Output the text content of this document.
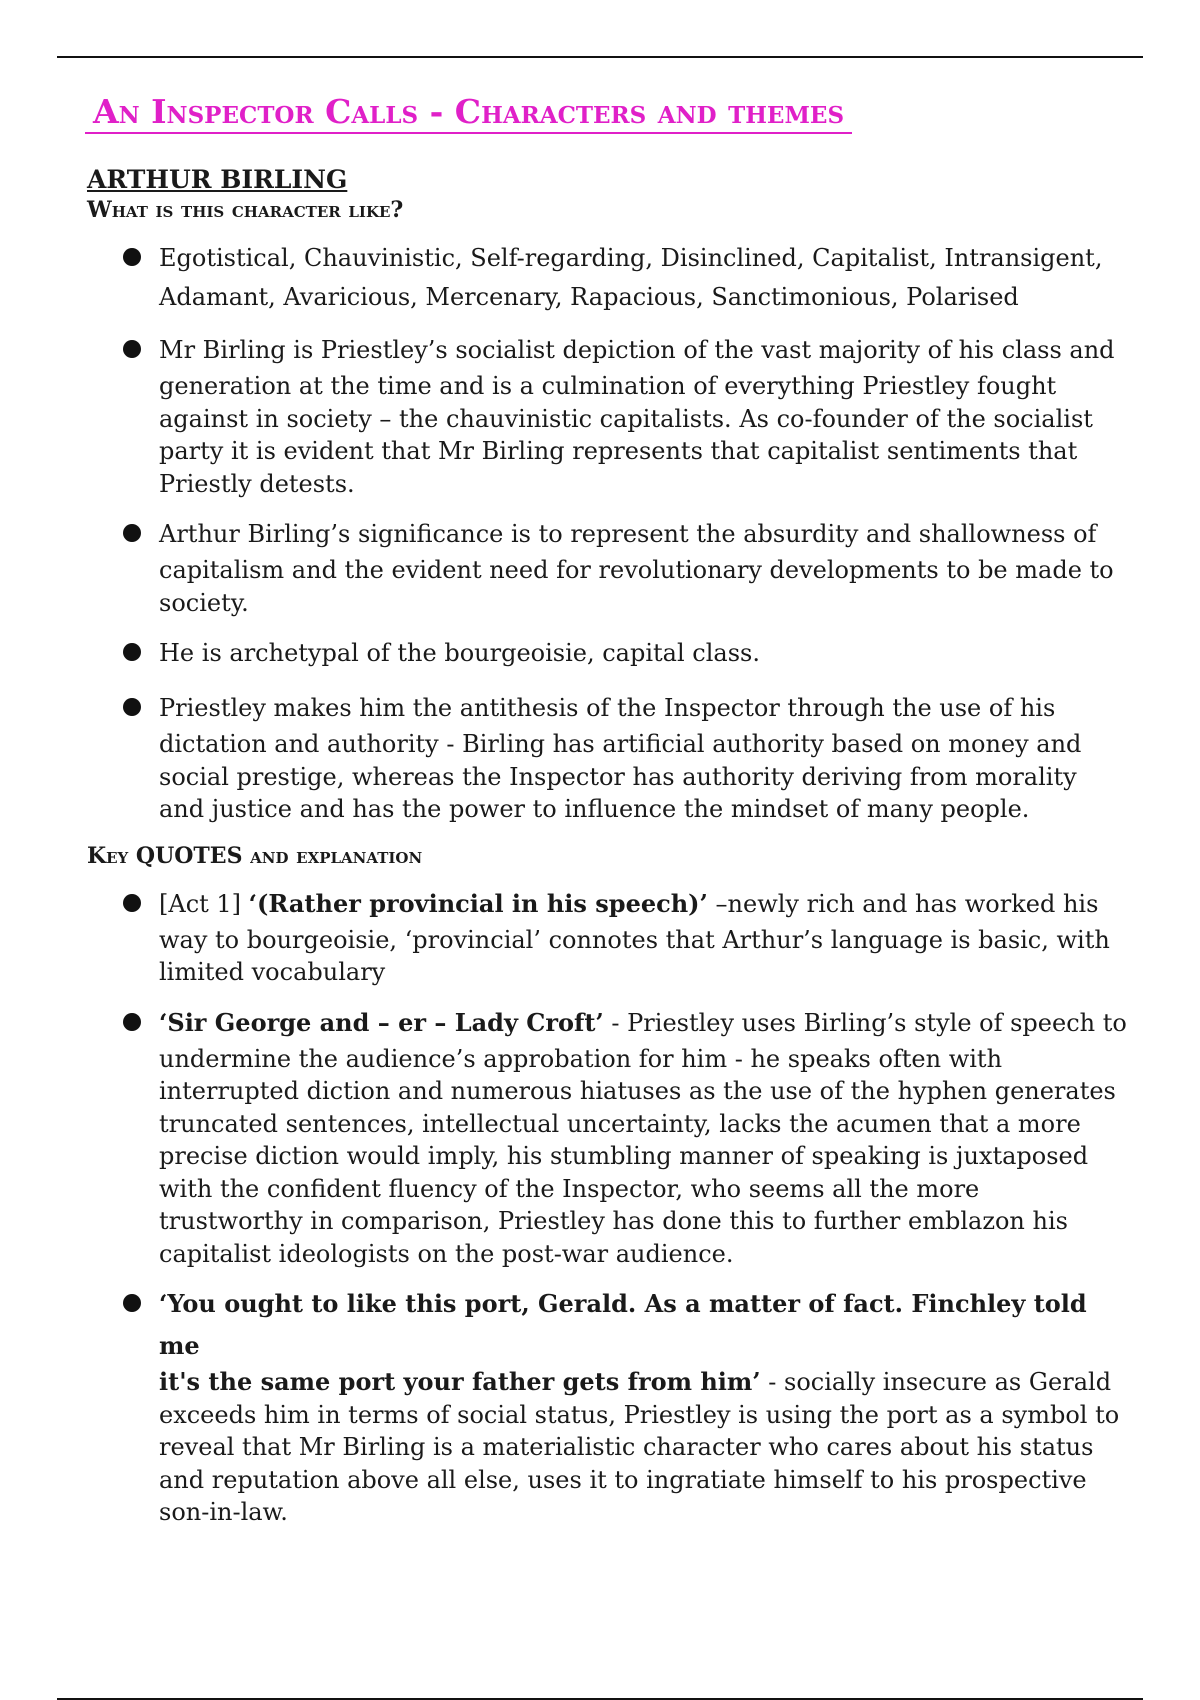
An Inspector Calls - Characters and themes
ARTHUR BIRLING
What is this character like?
Egotistical, Chauvinistic, Self-regarding, Disinclined, Capitalist, Intransigent,
Adamant, Avaricious, Mercenary, Rapacious, Sanctimonious, Polarised
Mr Birling is Priestley’s socialist depiction of the vast majority of his class and
generation at the time and is a culmination of everything Priestley fought against in society – the chauvinistic capitalists. As co-founder of the socialist party it is evident that Mr Birling represents that capitalist sentiments that Priestly detests.
Arthur Birling’s significance is to represent the absurdity and shallowness of
capitalism and the evident need for revolutionary developments to be made to society.
He is archetypal of the bourgeoisie, capital class.
Priestley makes him the antithesis of the Inspector through the use of his
dictation and authority - Birling has artificial authority based on money and social prestige, whereas the Inspector has authority deriving from morality and justice and has the power to influence the mindset of many people.
Key QUOTES and explanation
[Act 1] ‘(Rather provincial in his speech)’ –newly rich and has worked his
way to bourgeoisie, ‘provincial’ connotes that Arthur’s language is basic, with limited vocabulary
‘Sir George and – er – Lady Croft’ - Priestley uses Birling’s style of speech to
undermine the audience’s approbation for him - he speaks often with interrupted diction and numerous hiatuses as the use of the hyphen generates truncated sentences, intellectual uncertainty, lacks the acumen that a more precise diction would imply, his stumbling manner of speaking is juxtaposed with the confident fluency of the Inspector, who seems all the more trustworthy in comparison, Priestley has done this to further emblazon his capitalist ideologists on the post-war audience.
‘You ought to like this port, Gerald. As a matter of fact. Finchley told me
it's the same port your father gets from him’ - socially insecure as Gerald exceeds him in terms of social status, Priestley is using the port as a symbol to reveal that Mr Birling is a materialistic character who cares about his status and reputation above all else, uses it to ingratiate himself to his prospective son-in-law.
